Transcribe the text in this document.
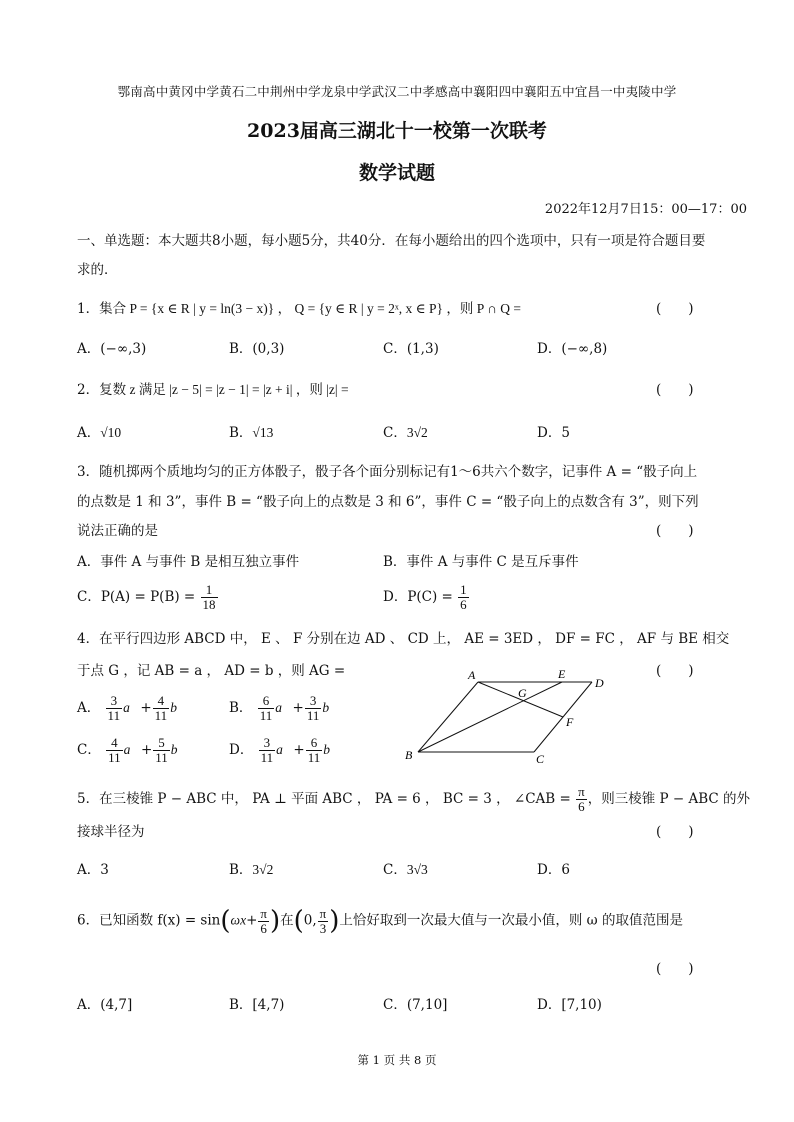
鄂南高中黄冈中学黄石二中荆州中学龙泉中学武汉二中孝感高中襄阳四中襄阳五中宜昌一中夷陵中学
2023届高三湖北十一校第一次联考
数学试题
2022年12月7日15：00—17：00
一、单选题：本大题共8小题，每小题5分，共40分．在每小题给出的四个选项中，只有一项是符合题目要求的．
1．集合 P = {x ∈ R | y = ln(3 − x)} ， Q = {y ∈ R | y = 2ˣ, x ∈ P} ，则 P ∩ Q =	(　　)
A．(−∞,3)	B．(0,3)	C．(1,3)	D．(−∞,8)
2．复数 z 满足 |z − 5| = |z − 1| = |z + i| ，则 |z| =	(　　)
A．√10	B．√13	C．3√2	D．5
3．随机掷两个质地均匀的正方体骰子，骰子各个面分别标记有1～6共六个数字，记事件 A = “骰子向上
的点数是 1 和 3”，事件 B = “骰子向上的点数是 3 和 6”，事件 C = “骰子向上的点数含有 3”，则下列
说法正确的是	(　　)
A．事件 A 与事件 B 是相互独立事件	B．事件 A 与事件 C 是互斥事件
C．$P(A) = P(B) = \frac{1}{18}$	D．$P(C) = \frac{1}{6}$
4．在平行四边形 ABCD 中， E 、 F 分别在边 AD 、 CD 上， AE = 3ED ， DF = FC ， AF 与 BE 相交
于点 G ，记 AB = a ， AD = b ，则 AG =	(　　)
A． $\frac{3}{11}$ a⃗+ $\frac{4}{11}$ b⃗	B． $\frac{6}{11}$ a⃗+ $\frac{3}{11}$ b⃗
C． $\frac{4}{11}$ a⃗+ $\frac{5}{11}$ b⃗	D． $\frac{3}{11}$ a⃗+ $\frac{6}{11}$ b⃗
A	E
D
G
F
B	C
5．在三棱锥 P − ABC 中， PA ⊥ 平面 ABC ， PA = 6 ， BC = 3 ， ∠CAB = $\frac{\pi}{6}$ ，则三棱锥 P − ABC 的外
接球半径为	(　　)
A．3	B．3√2	C．3√3	D．6
6．已知函数 $f(x) = \sin(\omega x+ \frac{\pi}{6}$ )在(0, $\frac{\pi}{3}$ )上恰好取到一次最大值与一次最小值，则 ω 的取值范围是
(　　)
A．(4,7]	B．[4,7)	C．(7,10]	D．[7,10)
第 1 页 共 8 页
